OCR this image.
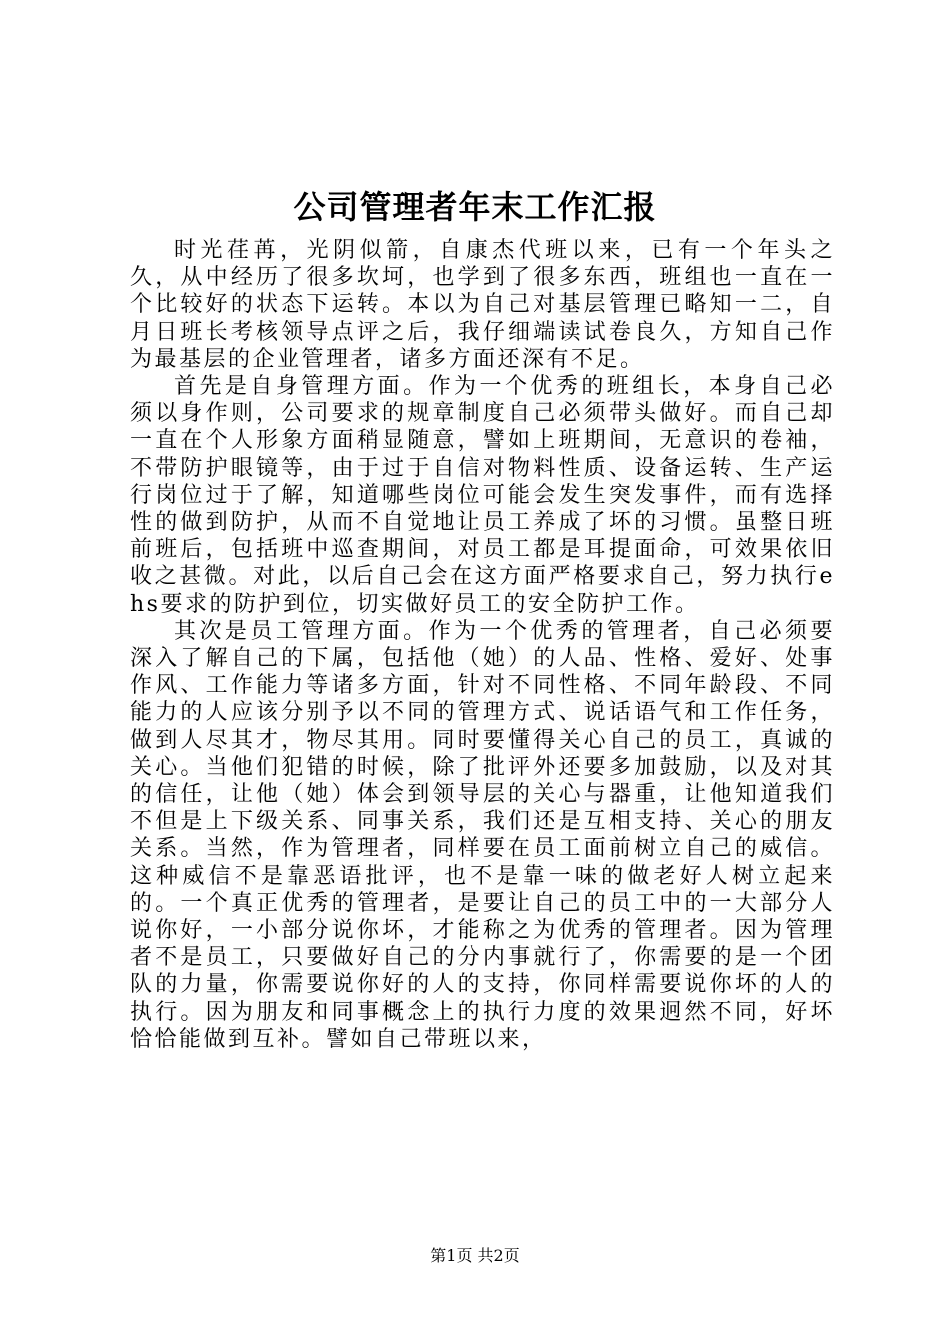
公司管理者年末工作汇报

时光荏苒，光阴似箭，自康杰代班以来，已有一个年头之久，从中经历了很多坎坷，也学到了很多东西，班组也一直在一个比较好的状态下运转。本以为自己对基层管理已略知一二，自月日班长考核领导点评之后，我仔细端读试卷良久，方知自己作为最基层的企业管理者，诸多方面还深有不足。

首先是自身管理方面。作为一个优秀的班组长，本身自己必须以身作则，公司要求的规章制度自己必须带头做好。而自己却一直在个人形象方面稍显随意，譬如上班期间，无意识的卷袖，不带防护眼镜等，由于过于自信对物料性质、设备运转、生产运行岗位过于了解，知道哪些岗位可能会发生突发事件，而有选择性的做到防护，从而不自觉地让员工养成了坏的习惯。虽整日班前班后，包括班中巡查期间，对员工都是耳提面命，可效果依旧收之甚微。对此，以后自己会在这方面严格要求自己，努力执行ehs要求的防护到位，切实做好员工的安全防护工作。

其次是员工管理方面。作为一个优秀的管理者，自己必须要深入了解自己的下属，包括他（她）的人品、性格、爱好、处事作风、工作能力等诸多方面，针对不同性格、不同年龄段、不同能力的人应该分别予以不同的管理方式、说话语气和工作任务，做到人尽其才，物尽其用。同时要懂得关心自己的员工，真诚的关心。当他们犯错的时候，除了批评外还要多加鼓励，以及对其的信任，让他（她）体会到领导层的关心与器重，让他知道我们不但是上下级关系、同事关系，我们还是互相支持、关心的朋友关系。当然，作为管理者，同样要在员工面前树立自己的威信。这种威信不是靠恶语批评，也不是靠一味的做老好人树立起来的。一个真正优秀的管理者，是要让自己的员工中的一大部分人说你好，一小部分说你坏，才能称之为优秀的管理者。因为管理者不是员工，只要做好自己的分内事就行了，你需要的是一个团队的力量，你需要说你好的人的支持，你同样需要说你坏的人的执行。因为朋友和同事概念上的执行力度的效果迥然不同，好坏恰恰能做到互补。譬如自己带班以来，

第1页 共2页
